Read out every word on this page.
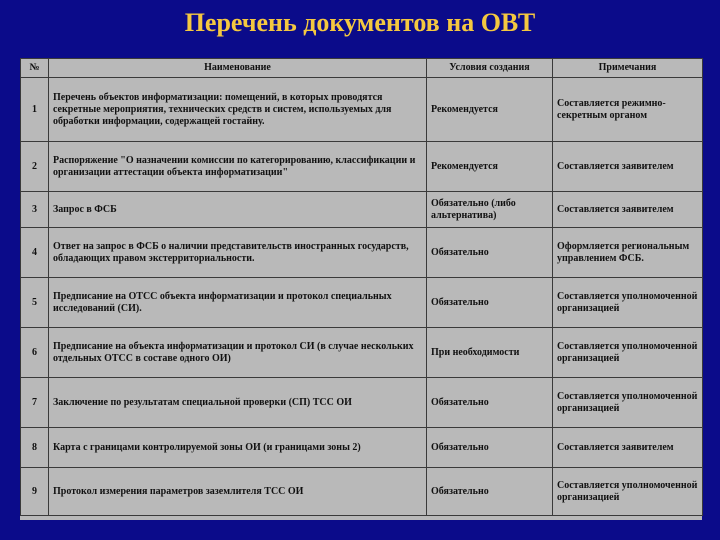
Перечень документов на ОВТ
№	Наименование	Условия создания	Примечания
1	Перечень объектов информатизации: помещений, в которых проводятся секретные мероприятия, технических средств и систем, используемых для обработки информации, содержащей гостайну.	Рекомендуется	Составляется режимно-секретным органом
2	Распоряжение "О назначении комиссии по категорированию, классификации и организации аттестации объекта информатизации"	Рекомендуется	Составляется заявителем
3	Запрос в ФСБ	Обязательно (либо альтернатива)	Составляется заявителем
4	Ответ на запрос в ФСБ о наличии представительств иностранных государств, обладающих правом экстерриториальности.	Обязательно	Оформляется региональным управлением ФСБ.
5	Предписание на ОТСС объекта информатизации и протокол специальных исследований (СИ).	Обязательно	Составляется уполномоченной организацией
6	Предписание на объекта информатизации и протокол СИ (в случае нескольких отдельных ОТСС в составе одного ОИ)	При необходимости	Составляется уполномоченной организацией
7	Заключение по результатам специальной проверки (СП) ТСС ОИ	Обязательно	Составляется уполномоченной организацией
8	Карта с границами контролируемой зоны ОИ (и границами зоны 2)	Обязательно	Составляется заявителем
9	Протокол измерения параметров заземлителя ТСС ОИ	Обязательно	Составляется уполномоченной организацией
